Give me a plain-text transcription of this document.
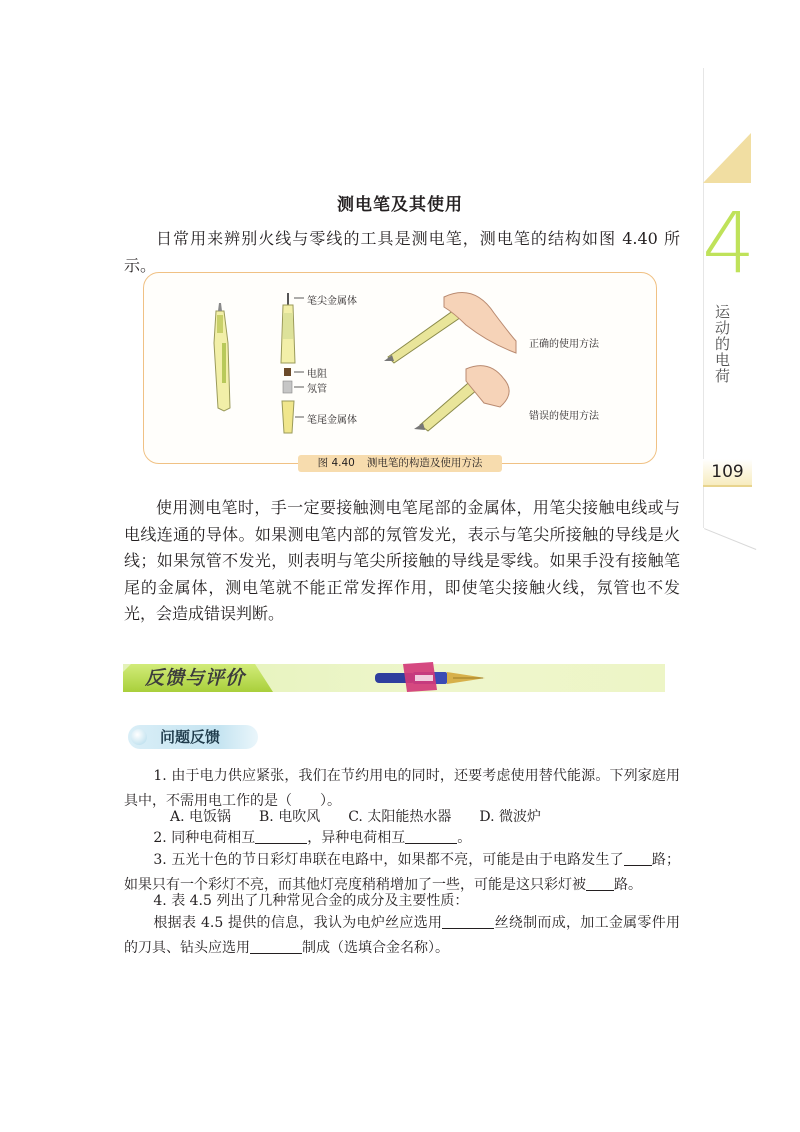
4
运动的电荷
109
测电笔及其使用

日常用来辨别火线与零线的工具是测电笔，测电笔的结构如图 4.40 所示。

笔尖金属体
电阻
氖管
笔尾金属体
正确的使用方法
错误的使用方法
图 4.40 测电笔的构造及使用方法

使用测电笔时，手一定要接触测电笔尾部的金属体，用笔尖接触电线或与电线连通的导体。如果测电笔内部的氖管发光，表示与笔尖所接触的导线是火线；如果氖管不发光，则表明与笔尖所接触的导线是零线。如果手没有接触笔尾的金属体，测电笔就不能正常发挥作用，即使笔尖接触火线，氖管也不发光，会造成错误判断。

反馈与评价
问题反馈

1. 由于电力供应紧张，我们在节约用电的同时，还要考虑使用替代能源。下列家庭用具中，不需用电工作的是（　　）。

A. 电饭锅 B. 电吹风 C. 太阳能热水器 D. 微波炉

2. 同种电荷相互	，异种电荷相互	。

3. 五光十色的节日彩灯串联在电路中，如果都不亮，可能是由于电路发生了 路；如果只有一个彩灯不亮，而其他灯亮度稍稍增加了一些，可能是这只彩灯被 路。

4. 表 4.5 列出了几种常见合金的成分及主要性质：

根据表 4.5 提供的信息，我认为电炉丝应选用	丝绕制而成，加工金属零件用的刀具、钻头应选用	制成（选填合金名称）。
